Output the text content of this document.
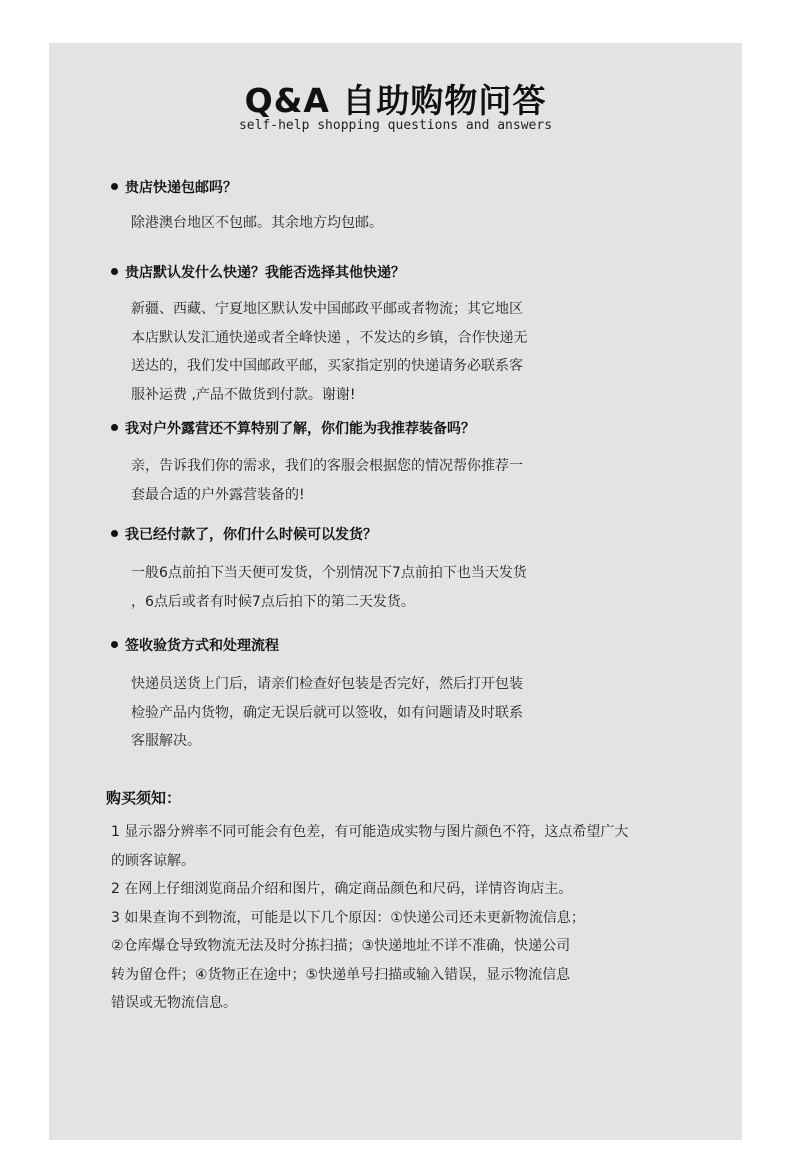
Q&A 自助购物问答
self-help shopping questions and answers
贵店快递包邮吗？
除港澳台地区不包邮。其余地方均包邮。
贵店默认发什么快递？我能否选择其他快递？
新疆、西藏、宁夏地区默认发中国邮政平邮或者物流；其它地区
本店默认发汇通快递或者全峰快递 ，不发达的乡镇，合作快递无
送达的，我们发中国邮政平邮，买家指定别的快递请务必联系客
服补运费 ,产品不做货到付款。谢谢!
我对户外露营还不算特别了解，你们能为我推荐装备吗？
亲，告诉我们你的需求，我们的客服会根据您的情况帮你推荐一
套最合适的户外露营装备的!
我已经付款了，你们什么时候可以发货？
一般6点前拍下当天便可发货，个别情况下7点前拍下也当天发货
，6点后或者有时候7点后拍下的第二天发货。
签收验货方式和处理流程
快递员送货上门后，请亲们检查好包装是否完好，然后打开包装
检验产品内货物，确定无误后就可以签收，如有问题请及时联系
客服解决。
购买须知：
1 显示器分辨率不同可能会有色差，有可能造成实物与图片颜色不符，这点希望广大
的顾客谅解。
2 在网上仔细浏览商品介绍和图片，确定商品颜色和尺码，详情咨询店主。
3 如果查询不到物流，可能是以下几个原因：①快递公司还未更新物流信息；
②仓库爆仓导致物流无法及时分拣扫描；③快递地址不详不准确，快递公司
转为留仓件；④货物正在途中；⑤快递单号扫描或输入错误，显示物流信息
错误或无物流信息。
